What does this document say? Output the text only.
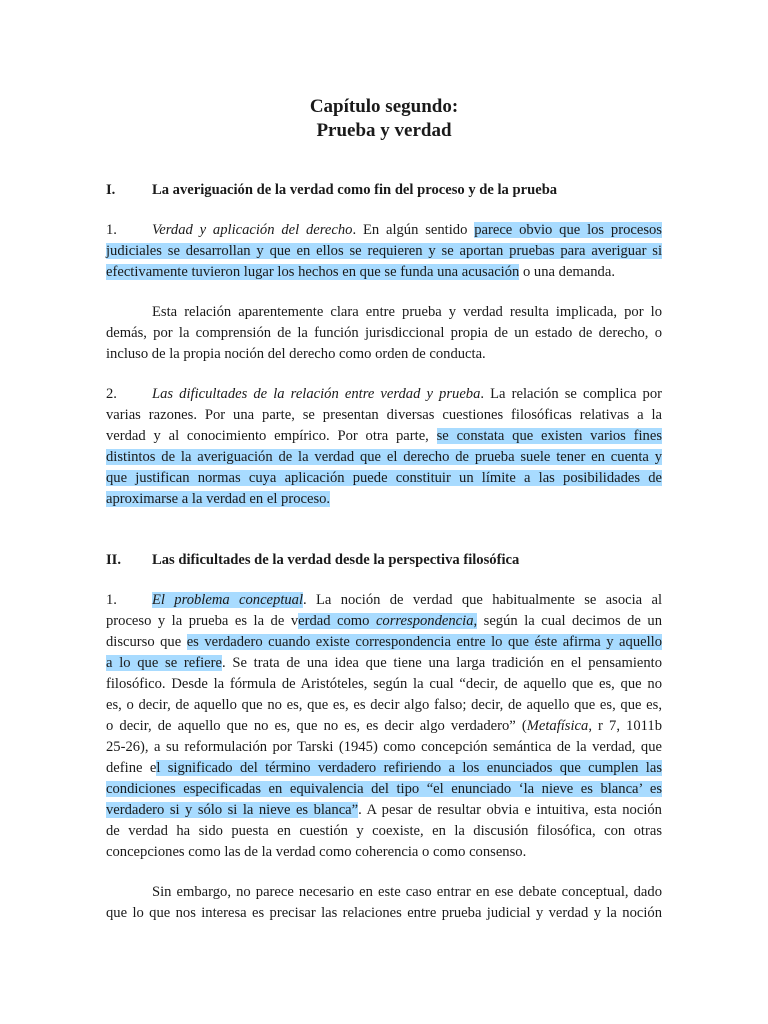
Capítulo segundo:
Prueba y verdad
I.	La averiguación de la verdad como fin del proceso y de la prueba
1. Verdad y aplicación del derecho. En algún sentido parece obvio que los procesos
judiciales se desarrollan y que en ellos se requieren y se aportan pruebas para averiguar si
efectivamente tuvieron lugar los hechos en que se funda una acusación o una demanda.
Esta relación aparentemente clara entre prueba y verdad resulta implicada, por lo
demás, por la comprensión de la función jurisdiccional propia de un estado de derecho, o
incluso de la propia noción del derecho como orden de conducta.
2. Las dificultades de la relación entre verdad y prueba. La relación se complica por
varias razones. Por una parte, se presentan diversas cuestiones filosóficas relativas a la
verdad y al conocimiento empírico. Por otra parte, se constata que existen varios fines
distintos de la averiguación de la verdad que el derecho de prueba suele tener en cuenta y
que justifican normas cuya aplicación puede constituir un límite a las posibilidades de
aproximarse a la verdad en el proceso.
II. Las dificultades de la verdad desde la perspectiva filosófica
1. El problema conceptual. La noción de verdad que habitualmente se asocia al
proceso y la prueba es la de verdad como correspondencia, según la cual decimos de un
discurso que es verdadero cuando existe correspondencia entre lo que éste afirma y aquello
a lo que se refiere. Se trata de una idea que tiene una larga tradición en el pensamiento
filosófico. Desde la fórmula de Aristóteles, según la cual “decir, de aquello que es, que no
es, o decir, de aquello que no es, que es, es decir algo falso; decir, de aquello que es, que es,
o decir, de aquello que no es, que no es, es decir algo verdadero” (Metafísica, r 7, 1011b
25-26), a su reformulación por Tarski (1945) como concepción semántica de la verdad, que
define el significado del término verdadero refiriendo a los enunciados que cumplen las
condiciones especificadas en equivalencia del tipo “el enunciado ‘la nieve es blanca’ es
verdadero si y sólo si la nieve es blanca”. A pesar de resultar obvia e intuitiva, esta noción
de verdad ha sido puesta en cuestión y coexiste, en la discusión filosófica, con otras
concepciones como las de la verdad como coherencia o como consenso.
Sin embargo, no parece necesario en este caso entrar en ese debate conceptual, dado
que lo que nos interesa es precisar las relaciones entre prueba judicial y verdad y la noción
